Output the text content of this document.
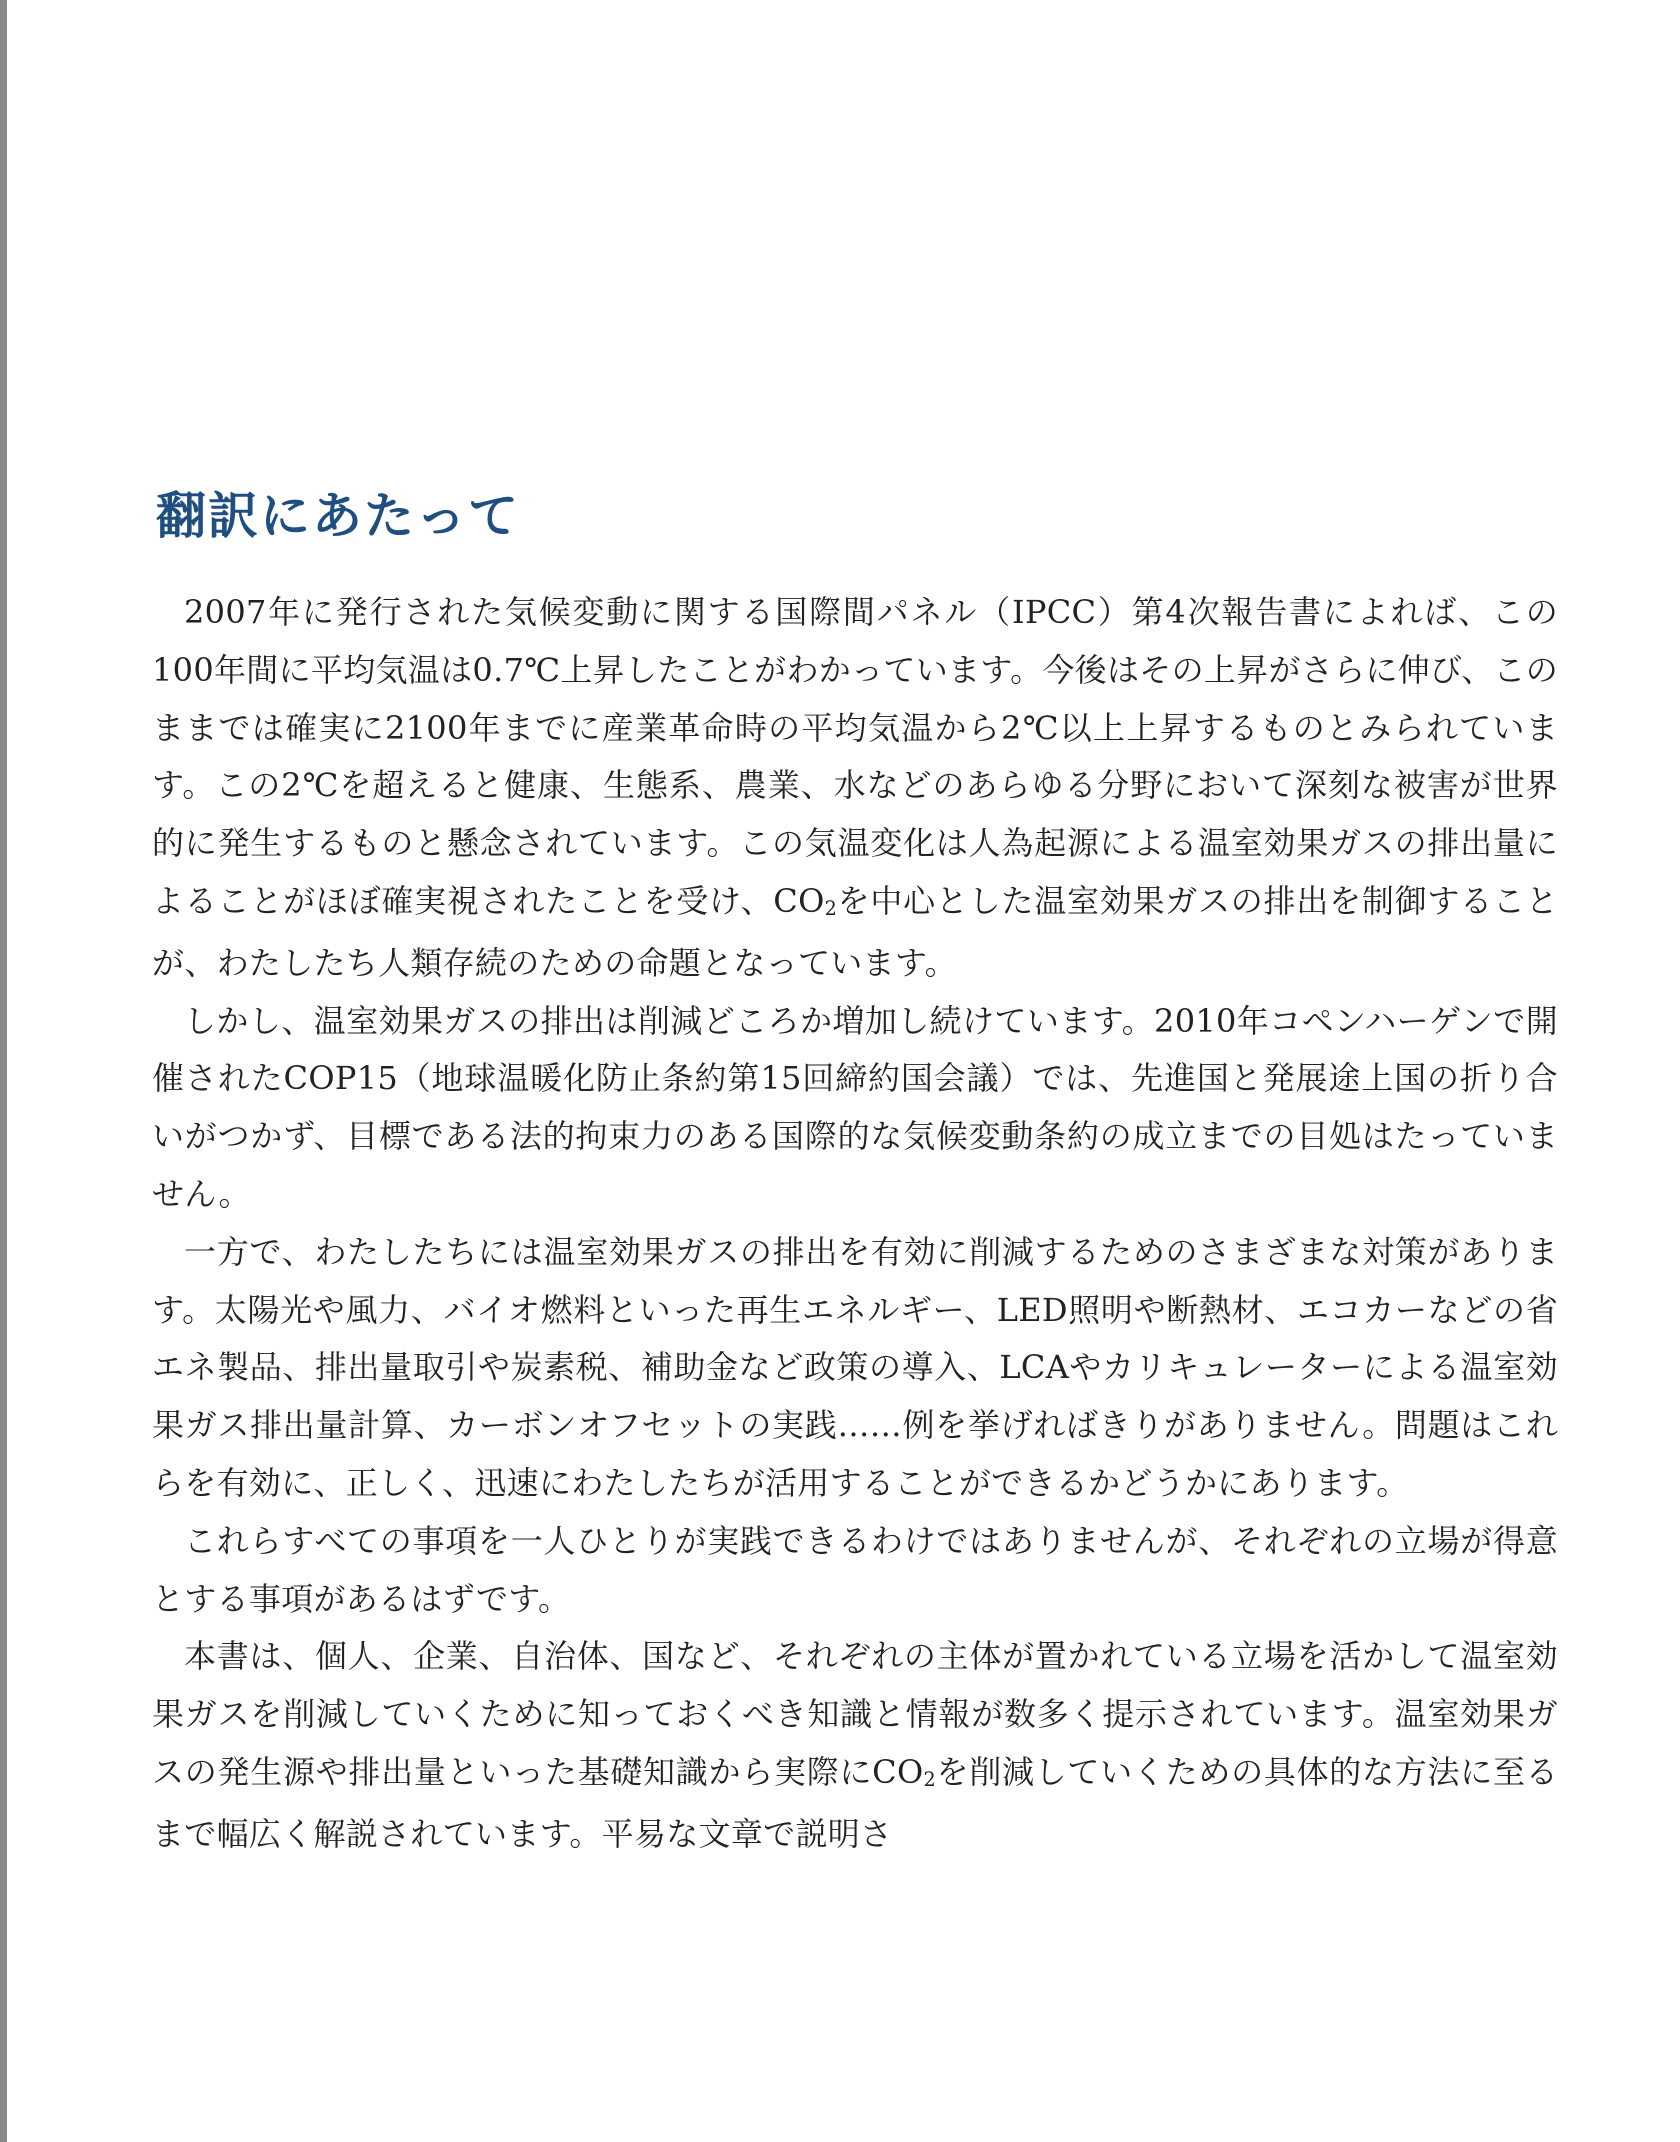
翻訳にあたって

2007年に発行された気候変動に関する国際間パネル（IPCC）第4次報告書によれば、この100年間に平均気温は0.7℃上昇したことがわかっています。今後はその上昇がさらに伸び、このままでは確実に2100年までに産業革命時の平均気温から2℃以上上昇するものとみられています。この2℃を超えると健康、生態系、農業、水などのあらゆる分野において深刻な被害が世界的に発生するものと懸念されています。この気温変化は人為起源による温室効果ガスの排出量によることがほぼ確実視されたことを受け、$CO_2$を中心とした温室効果ガスの排出を制御することが、わたしたち人類存続のための命題となっています。

しかし、温室効果ガスの排出は削減どころか増加し続けています。2010年コペンハーゲンで開催されたCOP15（地球温暖化防止条約第15回締約国会議）では、先進国と発展途上国の折り合いがつかず、目標である法的拘束力のある国際的な気候変動条約の成立までの目処はたっていません。

一方で、わたしたちには温室効果ガスの排出を有効に削減するためのさまざまな対策があります。太陽光や風力、バイオ燃料といった再生エネルギー、LED照明や断熱材、エコカーなどの省エネ製品、排出量取引や炭素税、補助金など政策の導入、LCAやカリキュレーターによる温室効果ガス排出量計算、カーボンオフセットの実践……例を挙げればきりがありません。問題はこれらを有効に、正しく、迅速にわたしたちが活用することができるかどうかにあります。

これらすべての事項を一人ひとりが実践できるわけではありませんが、それぞれの立場が得意とする事項があるはずです。

本書は、個人、企業、自治体、国など、それぞれの主体が置かれている立場を活かして温室効果ガスを削減していくために知っておくべき知識と情報が数多く提示されています。温室効果ガスの発生源や排出量といった基礎知識から実際に$CO_2$を削減していくための具体的な方法に至るまで幅広く解説されています。平易な文章で説明さ
